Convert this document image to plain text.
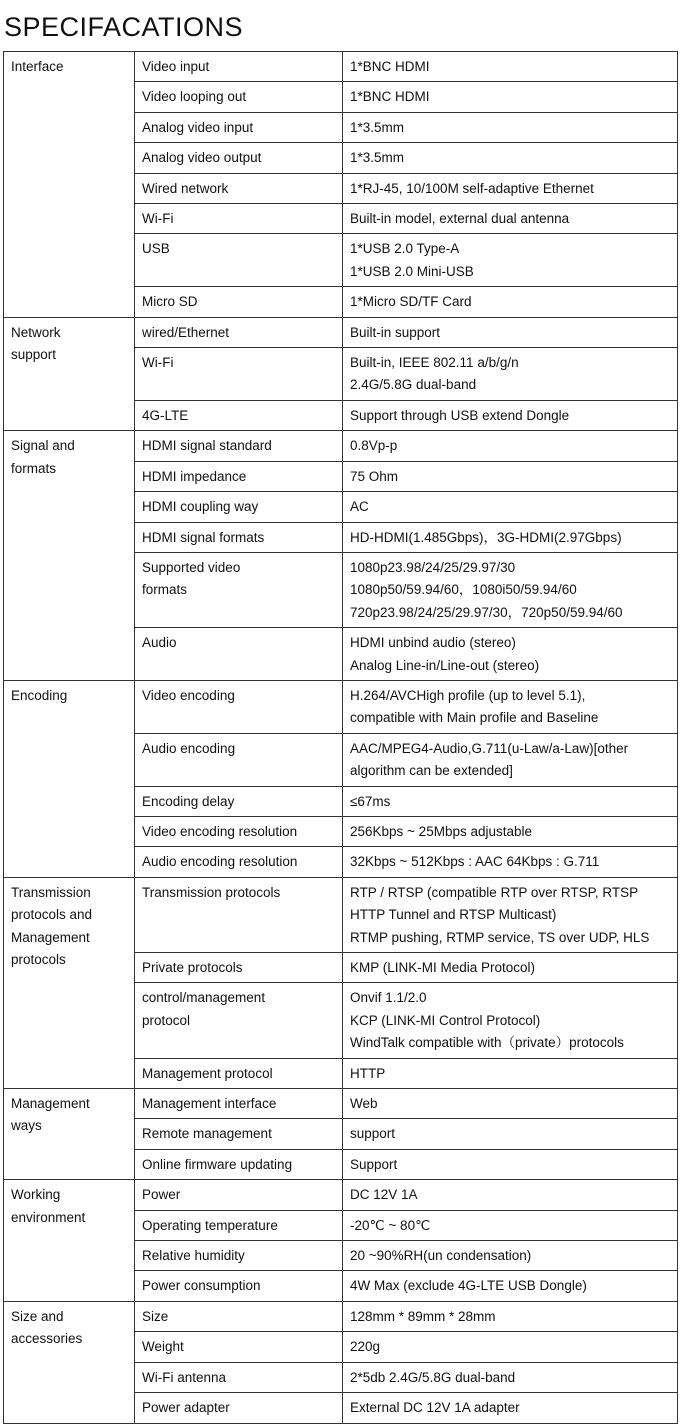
SPECIFACATIONS
Interface	Video input	1*BNC HDMI

	Video looping out	1*BNC HDMI

	Analog video input	1*3.5mm

	Analog video output	1*3.5mm

	Wired network	1*RJ-45, 10/100M self-adaptive Ethernet

	Wi-Fi	Built-in model, external dual antenna

	USB	1*USB 2.0 Type-A
1*USB 2.0 Mini-USB

	Micro SD	1*Micro SD/TF Card

Network
support	wired/Ethernet	Built-in support

	Wi-Fi	Built-in, IEEE 802.11 a/b/g/n
2.4G/5.8G dual-band

	4G-LTE	Support through USB extend Dongle

Signal and
formats	HDMI signal standard	0.8Vp-p

	HDMI impedance	75 Ohm

	HDMI coupling way	AC

	HDMI signal formats	HD-HDMI(1.485Gbps)，3G-HDMI(2.97Gbps)

	Supported video
formats	1080p23.98/24/25/29.97/30
1080p50/59.94/60，1080i50/59.94/60
720p23.98/24/25/29.97/30，720p50/59.94/60

	Audio	HDMI unbind audio (stereo)
Analog Line-in/Line-out (stereo)

Encoding	Video encoding	H.264/AVCHigh profile (up to level 5.1),
compatible with Main profile and Baseline

	Audio encoding	AAC/MPEG4-Audio,G.711(u-Law/a-Law)[other
algorithm can be extended]

	Encoding delay	≤67ms

	Video encoding resolution	256Kbps ~ 25Mbps adjustable

	Audio encoding resolution	32Kbps ~ 512Kbps : AAC 64Kbps : G.711

Transmission
protocols and
Management
protocols	Transmission protocols	RTP / RTSP (compatible RTP over RTSP, RTSP
HTTP Tunnel and RTSP Multicast)
RTMP pushing, RTMP service, TS over UDP, HLS

	Private protocols	KMP (LINK-MI Media Protocol)

	control/management
protocol	Onvif 1.1/2.0
KCP (LINK-MI Control Protocol)
WindTalk compatible with（private）protocols

	Management protocol	HTTP

Management
ways	Management interface	Web

	Remote management	support

	Online firmware updating	Support

Working
environment	Power	DC 12V 1A

	Operating temperature	-20℃ ~ 80℃

	Relative humidity	20 ~90%RH(un condensation)

	Power consumption	4W Max (exclude 4G-LTE USB Dongle)

Size and
accessories	Size	128mm * 89mm * 28mm

	Weight	220g

	Wi-Fi antenna	2*5db 2.4G/5.8G dual-band

	Power adapter	External DC 12V 1A adapter
